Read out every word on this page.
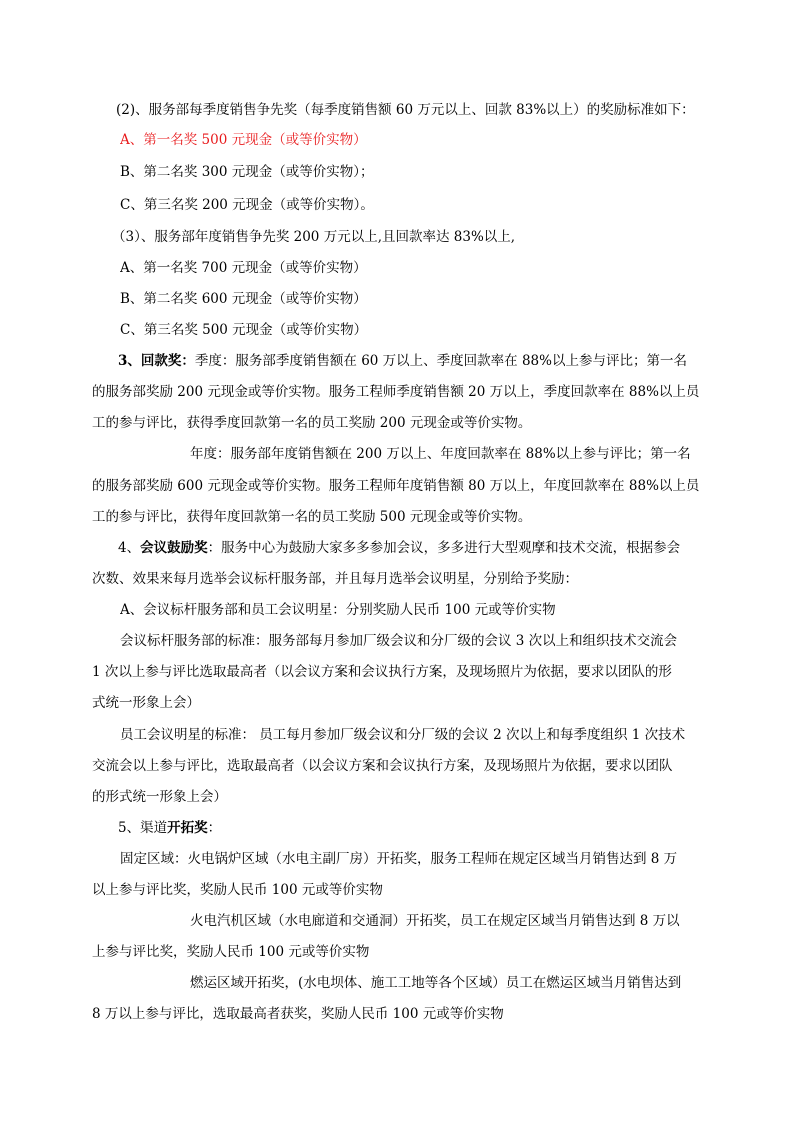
(2)、服务部每季度销售争先奖（每季度销售额 60 万元以上、回款 83%以上）的奖励标准如下：
A、第一名奖 500 元现金（或等价实物）
B、第二名奖 300 元现金（或等价实物）；
C、第三名奖 200 元现金（或等价实物）。
（3）、服务部年度销售争先奖 200 万元以上,且回款率达 83%以上,
A、第一名奖 700 元现金（或等价实物）
B、第二名奖 600 元现金（或等价实物）
C、第三名奖 500 元现金（或等价实物）
3、回款奖：季度：服务部季度销售额在 60 万以上、季度回款率在 88%以上参与评比；第一名
的服务部奖励 200 元现金或等价实物。服务工程师季度销售额 20 万以上，季度回款率在 88%以上员
工的参与评比，获得季度回款第一名的员工奖励 200 元现金或等价实物。
年度：服务部年度销售额在 200 万以上、年度回款率在 88%以上参与评比；第一名
的服务部奖励 600 元现金或等价实物。服务工程师年度销售额 80 万以上，年度回款率在 88%以上员
工的参与评比，获得年度回款第一名的员工奖励 500 元现金或等价实物。
4、会议鼓励奖：服务中心为鼓励大家多多参加会议，多多进行大型观摩和技术交流，根据参会
次数、效果来每月选举会议标杆服务部，并且每月选举会议明星，分别给予奖励：
A、会议标杆服务部和员工会议明星：分别奖励人民币 100 元或等价实物
会议标杆服务部的标准：服务部每月参加厂级会议和分厂级的会议 3 次以上和组织技术交流会
1 次以上参与评比选取最高者（以会议方案和会议执行方案，及现场照片为依据，要求以团队的形
式统一形象上会）
员工会议明星的标准： 员工每月参加厂级会议和分厂级的会议 2 次以上和每季度组织 1 次技术
交流会以上参与评比，选取最高者（以会议方案和会议执行方案，及现场照片为依据，要求以团队
的形式统一形象上会）
5、渠道开拓奖：
固定区域：火电锅炉区域（水电主副厂房）开拓奖，服务工程师在规定区域当月销售达到 8 万
以上参与评比奖，奖励人民币 100 元或等价实物
火电汽机区域（水电廊道和交通洞）开拓奖，员工在规定区域当月销售达到 8 万以
上参与评比奖，奖励人民币 100 元或等价实物
燃运区域开拓奖，(水电坝体、施工工地等各个区域）员工在燃运区域当月销售达到
8 万以上参与评比，选取最高者获奖，奖励人民币 100 元或等价实物
